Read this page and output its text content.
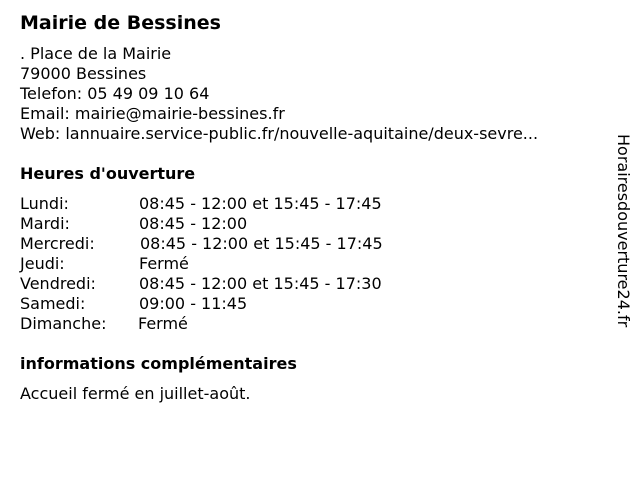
Mairie de Bessines
. Place de la Mairie
79000 Bessines
Telefon: 05 49 09 10 64
Email: mairie@mairie-bessines.fr
Web: lannuaire.service-public.fr/nouvelle-aquitaine/deux-sevre...
Heures d'ouverture
Lundi:	08:45 - 12:00 et 15:45 - 17:45
Mardi:	08:45 - 12:00
Mercredi:	08:45 - 12:00 et 15:45 - 17:45
Jeudi:	Fermé
Vendredi:	08:45 - 12:00 et 15:45 - 17:30
Samedi:	09:00 - 11:45
Dimanche: Fermé
informations complémentaires
Accueil fermé en juillet-août.
Horairesdouverture24.fr
